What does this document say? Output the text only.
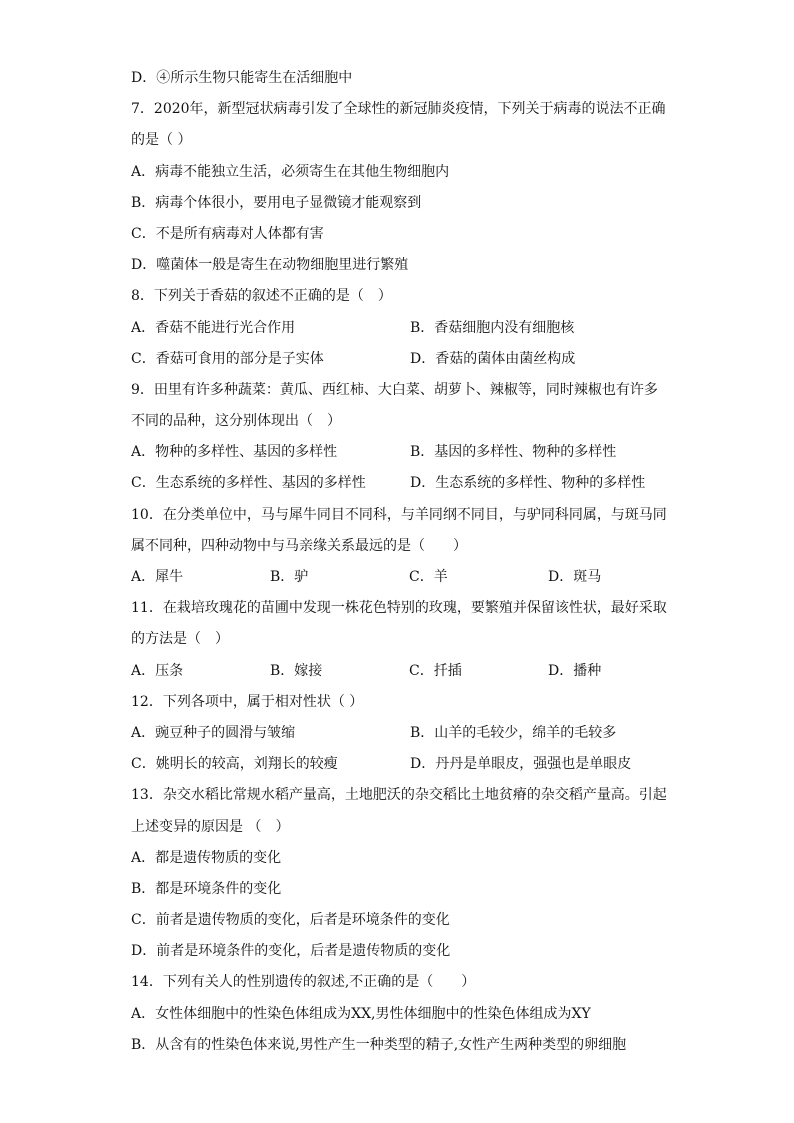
D．④所示生物只能寄生在活细胞中
7．2020年，新型冠状病毒引发了全球性的新冠肺炎疫情，下列关于病毒的说法不正确
的是（ ）
A．病毒不能独立生活，必须寄生在其他生物细胞内
B．病毒个体很小，要用电子显微镜才能观察到
C．不是所有病毒对人体都有害
D．噬菌体一般是寄生在动物细胞里进行繁殖
8．下列关于香菇的叙述不正确的是（　）
A．香菇不能进行光合作用	B．香菇细胞内没有细胞核
C．香菇可食用的部分是子实体	D．香菇的菌体由菌丝构成
9．田里有许多种蔬菜：黄瓜、西红柿、大白菜、胡萝卜、辣椒等，同时辣椒也有许多
不同的品种，这分别体现出（　）
A．物种的多样性、基因的多样性	B．基因的多样性、物种的多样性
C．生态系统的多样性、基因的多样性	D．生态系统的多样性、物种的多样性
10．在分类单位中，马与犀牛同目不同科，与羊同纲不同目，与驴同科同属，与斑马同
属不同种，四种动物中与马亲缘关系最远的是（　　）
A．犀牛	B．驴	C．羊	D．斑马
11．在栽培玫瑰花的苗圃中发现一株花色特别的玫瑰，要繁殖并保留该性状，最好采取
的方法是（　）
A．压条	B．嫁接	C．扦插	D．播种
12．下列各项中，属于相对性状（ ）
A．豌豆种子的圆滑与皱缩	B．山羊的毛较少，绵羊的毛较多
C．姚明长的较高，刘翔长的较瘦	D．丹丹是单眼皮，强强也是单眼皮
13．杂交水稻比常规水稻产量高，土地肥沃的杂交稻比土地贫瘠的杂交稻产量高。引起
上述变异的原因是 （　）
A．都是遗传物质的变化
B．都是环境条件的变化
C．前者是遗传物质的变化，后者是环境条件的变化
D．前者是环境条件的变化，后者是遗传物质的变化
14．下列有关人的性别遗传的叙述,不正确的是（　　）
A．女性体细胞中的性染色体组成为XX,男性体细胞中的性染色体组成为XY
B．从含有的性染色体来说,男性产生一种类型的精子,女性产生两种类型的卵细胞
